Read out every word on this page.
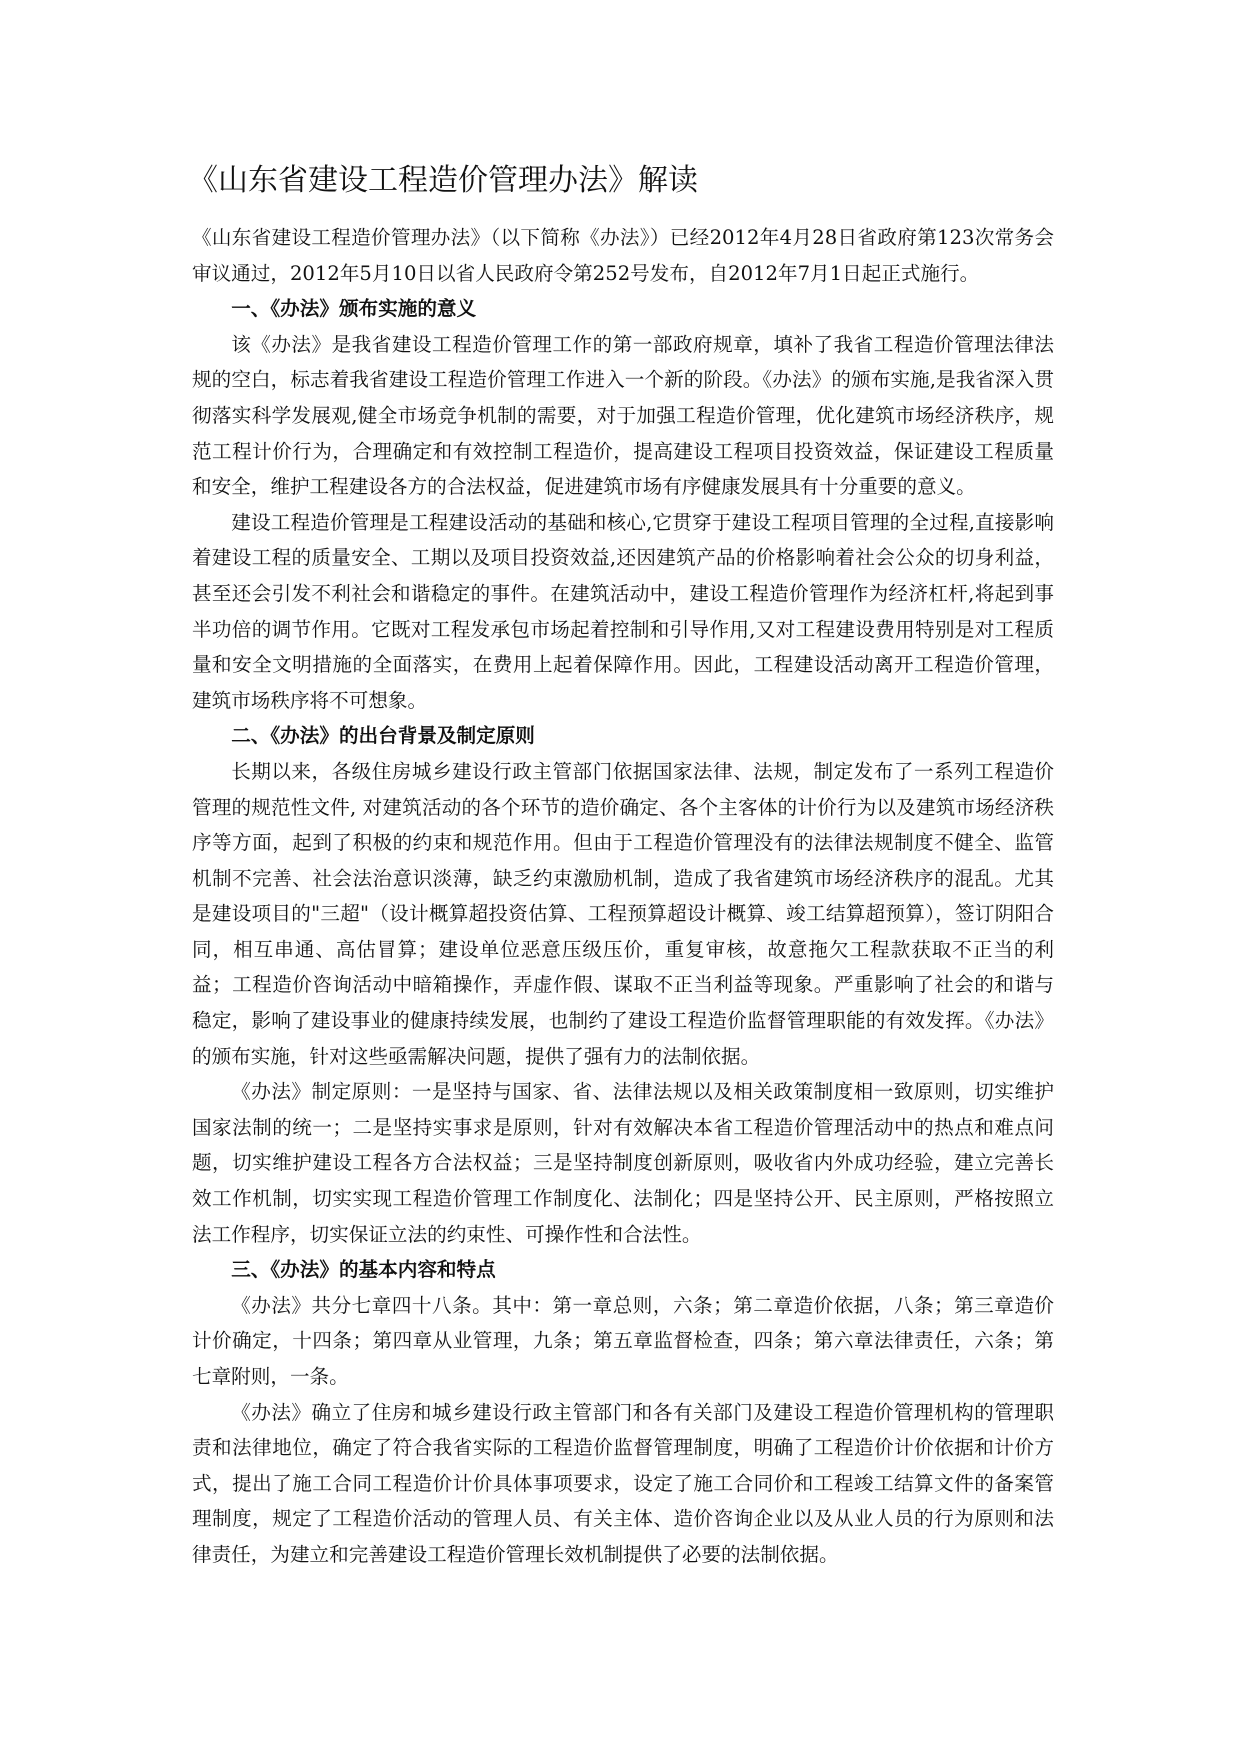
《山东省建设工程造价管理办法》解读

《山东省建设工程造价管理办法》（以下简称《办法》）已经2012年4月28日省政府第123次常务会审议通过，2012年5月10日以省人民政府令第252号发布，自2012年7月1日起正式施行。

一、《办法》颁布实施的意义

该《办法》是我省建设工程造价管理工作的第一部政府规章，填补了我省工程造价管理法律法规的空白，标志着我省建设工程造价管理工作进入一个新的阶段。《办法》的颁布实施,是我省深入贯彻落实科学发展观,健全市场竞争机制的需要，对于加强工程造价管理，优化建筑市场经济秩序，规范工程计价行为，合理确定和有效控制工程造价，提高建设工程项目投资效益，保证建设工程质量和安全，维护工程建设各方的合法权益，促进建筑市场有序健康发展具有十分重要的意义。

建设工程造价管理是工程建设活动的基础和核心,它贯穿于建设工程项目管理的全过程,直接影响着建设工程的质量安全、工期以及项目投资效益,还因建筑产品的价格影响着社会公众的切身利益，甚至还会引发不利社会和谐稳定的事件。在建筑活动中，建设工程造价管理作为经济杠杆,将起到事半功倍的调节作用。它既对工程发承包市场起着控制和引导作用,又对工程建设费用特别是对工程质量和安全文明措施的全面落实，在费用上起着保障作用。因此，工程建设活动离开工程造价管理，建筑市场秩序将不可想象。

二、《办法》的出台背景及制定原则

长期以来，各级住房城乡建设行政主管部门依据国家法律、法规，制定发布了一系列工程造价管理的规范性文件, 对建筑活动的各个环节的造价确定、各个主客体的计价行为以及建筑市场经济秩序等方面，起到了积极的约束和规范作用。但由于工程造价管理没有的法律法规制度不健全、监管机制不完善、社会法治意识淡薄，缺乏约束激励机制，造成了我省建筑市场经济秩序的混乱。尤其是建设项目的"三超"（设计概算超投资估算、工程预算超设计概算、竣工结算超预算），签订阴阳合同，相互串通、高估冒算；建设单位恶意压级压价，重复审核，故意拖欠工程款获取不正当的利益；工程造价咨询活动中暗箱操作，弄虚作假、谋取不正当利益等现象。严重影响了社会的和谐与稳定，影响了建设事业的健康持续发展，也制约了建设工程造价监督管理职能的有效发挥。《办法》的颁布实施，针对这些亟需解决问题，提供了强有力的法制依据。

《办法》制定原则：一是坚持与国家、省、法律法规以及相关政策制度相一致原则，切实维护国家法制的统一；二是坚持实事求是原则，针对有效解决本省工程造价管理活动中的热点和难点问题，切实维护建设工程各方合法权益；三是坚持制度创新原则，吸收省内外成功经验，建立完善长效工作机制，切实实现工程造价管理工作制度化、法制化；四是坚持公开、民主原则，严格按照立法工作程序，切实保证立法的约束性、可操作性和合法性。

三、《办法》的基本内容和特点

《办法》共分七章四十八条。其中：第一章总则，六条；第二章造价依据，八条；第三章造价计价确定，十四条；第四章从业管理，九条；第五章监督检查，四条；第六章法律责任，六条；第七章附则，一条。

《办法》确立了住房和城乡建设行政主管部门和各有关部门及建设工程造价管理机构的管理职责和法律地位，确定了符合我省实际的工程造价监督管理制度，明确了工程造价计价依据和计价方式，提出了施工合同工程造价计价具体事项要求，设定了施工合同价和工程竣工结算文件的备案管理制度，规定了工程造价活动的管理人员、有关主体、造价咨询企业以及从业人员的行为原则和法律责任，为建立和完善建设工程造价管理长效机制提供了必要的法制依据。
